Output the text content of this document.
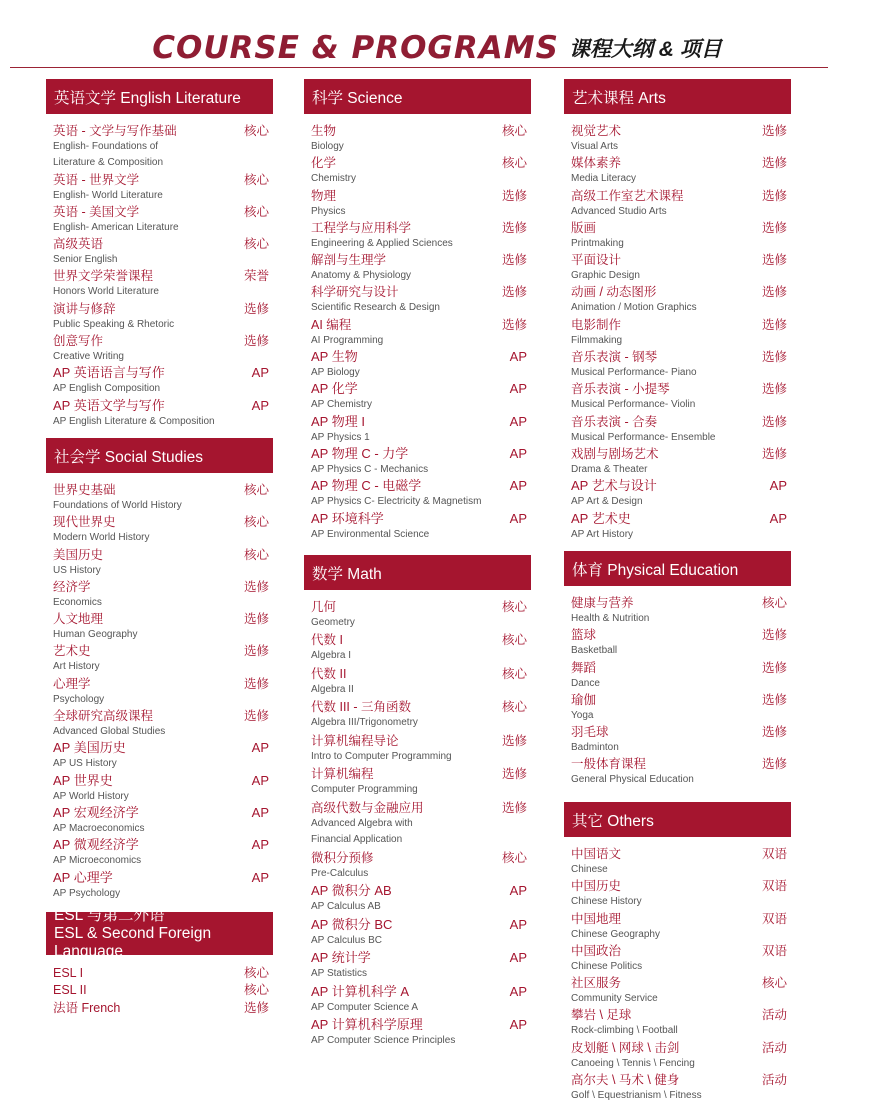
COURSE & PROGRAMS 课程大纲 & 项目
英语文学 English Literature
英语 - 文学与写作基础	核心
English- Foundations of
Literature & Composition
英语 - 世界文学	核心
English- World Literature
英语 - 美国文学	核心
English- American Literature
高级英语	核心
Senior English
世界文学荣誉课程	荣誉
Honors World Literature
演讲与修辞	选修
Public Speaking & Rhetoric
创意写作	选修
Creative Writing
AP 英语语言与写作	AP
AP English Composition
AP 英语文学与写作	AP
AP English Literature & Composition
社会学 Social Studies
世界史基础	核心
Foundations of World History
现代世界史	核心
Modern World History
美国历史	核心
US History
经济学	选修
Economics
人文地理	选修
Human Geography
艺术史	选修
Art History
心理学	选修
Psychology
全球研究高级课程	选修
Advanced Global Studies
AP 美国历史	AP
AP US History
AP 世界史	AP
AP World History
AP 宏观经济学	AP
AP Macroeconomics
AP 微观经济学	AP
AP Microeconomics
AP 心理学	AP
AP Psychology
ESL 与第二外语
ESL & Second Foreign Language
ESL I	核心
ESL II	核心
法语 French	选修
科学 Science
生物	核心
Biology
化学	核心
Chemistry
物理	选修
Physics
工程学与应用科学	选修
Engineering & Applied Sciences
解剖与生理学	选修
Anatomy & Physiology
科学研究与设计	选修
Scientific Research & Design
AI 编程	选修
AI Programming
AP 生物	AP
AP Biology
AP 化学	AP
AP Chemistry
AP 物理 I	AP
AP Physics 1
AP 物理 C - 力学	AP
AP Physics C - Mechanics
AP 物理 C - 电磁学	AP
AP Physics C- Electricity & Magnetism
AP 环境科学	AP
AP Environmental Science
数学 Math
几何	核心
Geometry
代数 I	核心
Algebra I
代数 II	核心
Algebra II
代数 III - 三角函数	核心
Algebra III/Trigonometry
计算机编程导论	选修
Intro to Computer Programming
计算机编程	选修
Computer Programming
高级代数与金融应用	选修
Advanced Algebra with
Financial Application
微积分预修	核心
Pre-Calculus
AP 微积分 AB	AP
AP Calculus AB
AP 微积分 BC	AP
AP Calculus BC
AP 统计学	AP
AP Statistics
AP 计算机科学 A	AP
AP Computer Science A
AP 计算机科学原理	AP
AP Computer Science Principles
艺术课程 Arts
视觉艺术	选修
Visual Arts
媒体素养	选修
Media Literacy
高级工作室艺术课程	选修
Advanced Studio Arts
版画	选修
Printmaking
平面设计	选修
Graphic Design
动画 / 动态图形	选修
Animation / Motion Graphics
电影制作	选修
Filmmaking
音乐表演 - 钢琴	选修
Musical Performance- Piano
音乐表演 - 小提琴	选修
Musical Performance- Violin
音乐表演 - 合奏	选修
Musical Performance- Ensemble
戏剧与剧场艺术	选修
Drama & Theater
AP 艺术与设计	AP
AP Art & Design
AP 艺术史	AP
AP Art History
体育 Physical Education
健康与营养	核心
Health & Nutrition
篮球	选修
Basketball
舞蹈	选修
Dance
瑜伽	选修
Yoga
羽毛球	选修
Badminton
一般体育课程	选修
General Physical Education
其它 Others
中国语文	双语
Chinese
中国历史	双语
Chinese History
中国地理	双语
Chinese Geography
中国政治	双语
Chinese Politics
社区服务	核心
Community Service
攀岩 \ 足球	活动
Rock-climbing \ Football
皮划艇 \ 网球 \ 击剑	活动
Canoeing \ Tennis \ Fencing
高尔夫 \ 马术 \ 健身	活动
Golf \ Equestrianism \ Fitness
